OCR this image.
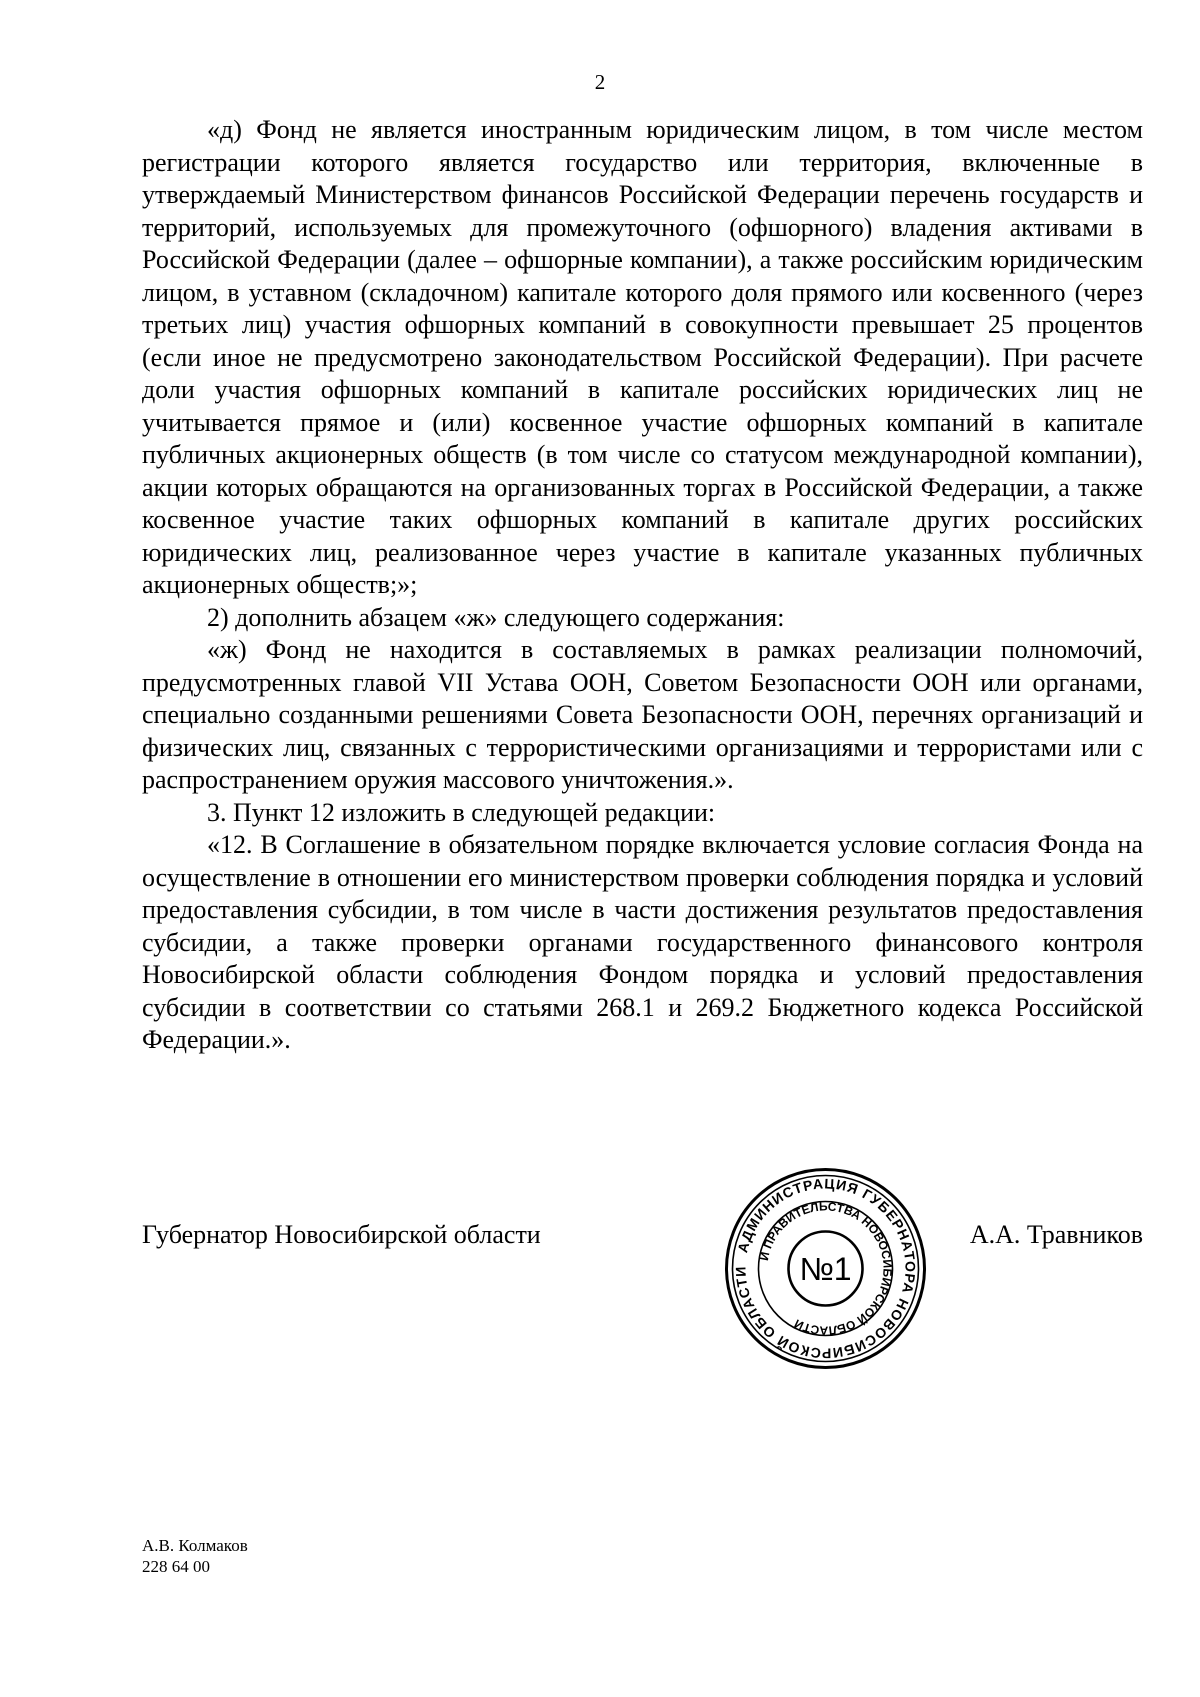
2

«д) Фонд не является иностранным юридическим лицом, в том числе местом регистрации которого является государство или территория, включенные в утверждаемый Министерством финансов Российской Федерации перечень государств и территорий, используемых для промежуточного (офшорного) владения активами в Российской Федерации (далее – офшорные компании), а также российским юридическим лицом, в уставном (складочном) капитале которого доля прямого или косвенного (через третьих лиц) участия офшорных компаний в совокупности превышает 25 процентов (если иное не предусмотрено законодательством Российской Федерации). При расчете доли участия офшорных компаний в капитале российских юридических лиц не учитывается прямое и (или) косвенное участие офшорных компаний в капитале публичных акционерных обществ (в том числе со статусом международной компании), акции которых обращаются на организованных торгах в Российской Федерации, а также косвенное участие таких офшорных компаний в капитале других российских юридических лиц, реализованное через участие в капитале указанных публичных акционерных обществ;»;

2) дополнить абзацем «ж» следующего содержания:

«ж) Фонд не находится в составляемых в рамках реализации полномочий, предусмотренных главой VII Устава ООН, Советом Безопасности ООН или органами, специально созданными решениями Совета Безопасности ООН, перечнях организаций и физических лиц, связанных с террористическими организациями и террористами или с распространением оружия массового уничтожения.».

3. Пункт 12 изложить в следующей редакции:

«12. В Соглашение в обязательном порядке включается условие согласия Фонда на осуществление в отношении его министерством проверки соблюдения порядка и условий предоставления субсидии, в том числе в части достижения результатов предоставления субсидии, а также проверки органами государственного финансового контроля Новосибирской области соблюдения Фондом порядка и условий предоставления субсидии в соответствии со статьями 268.1 и 269.2 Бюджетного кодекса Российской Федерации.».

Губернатор Новосибирской области	АДМИНИСТРАЦИЯ ГУБЕРНАТОРА НОВОСИБИРСКОЙ ОБЛАСТИ
И ПРАВИТЕЛЬСТВА НОВОСИБИРСКОЙ ОБЛАСТИ
№1
А.А. Травников
А.В. Колмаков
228 64 00
